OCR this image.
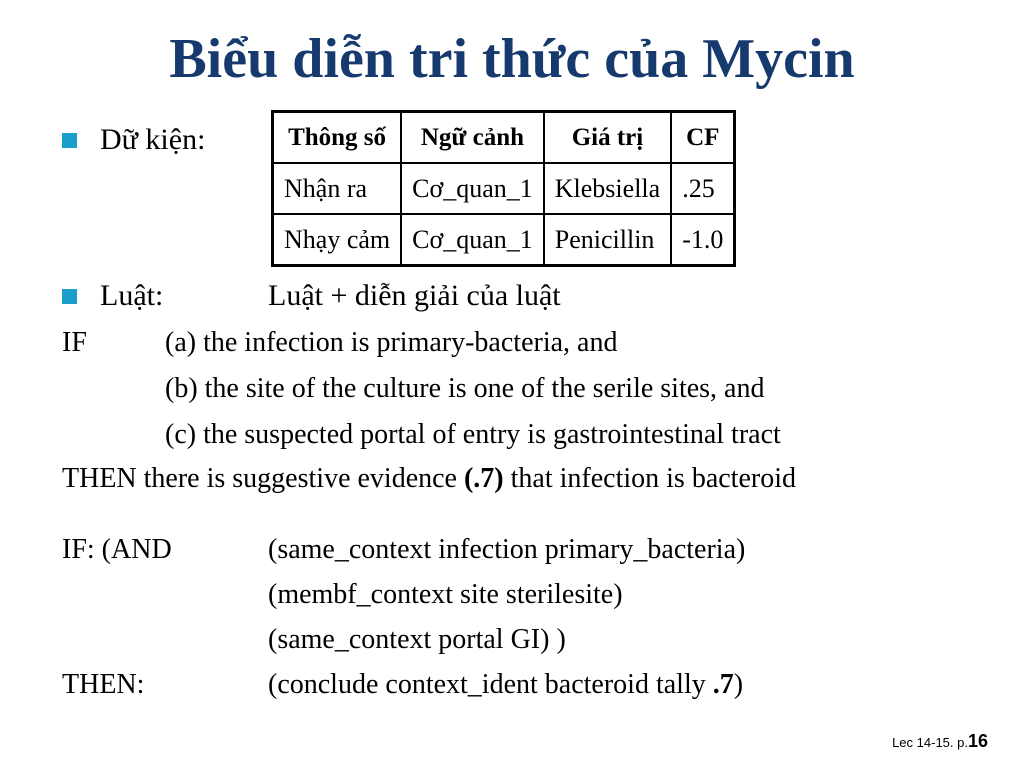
Biểu diễn tri thức của Mycin
Dữ kiện:	Thông số	Ngữ cảnh	Giá trị	CF
Nhận ra	Cơ_quan_1	Klebsiella	.25
Nhạy cảm	Cơ_quan_1	Penicillin	-1.0
Luật:	Luật + diễn giải của luật
IF	(a) the infection is primary-bacteria, and
(b) the site of the culture is one of the serile sites, and
(c) the suspected portal of entry is gastrointestinal tract
THEN there is suggestive evidence (.7) that infection is bacteroid
IF: (AND	(same_context infection primary_bacteria)
(membf_context site sterilesite)
(same_context portal GI) )
THEN:	(conclude context_ident bacteroid tally .7)
Lec 14-15. p.16
